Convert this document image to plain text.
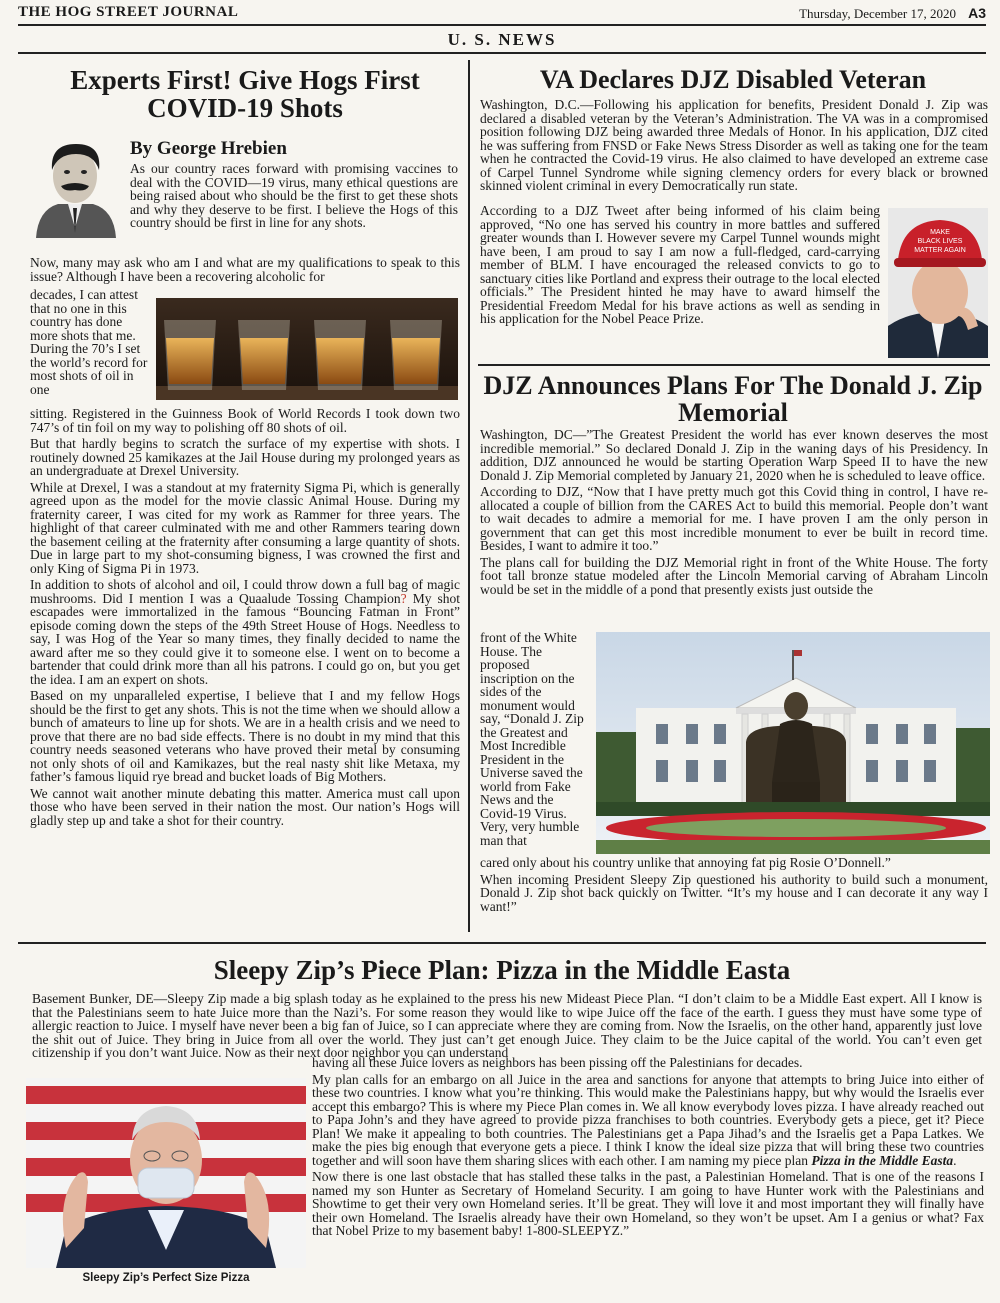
THE HOG STREET JOURNAL	Thursday, December 17, 2020 A3
U. S. NEWS
Experts First! Give Hogs First COVID-19 Shots
By George Hrebien

As our country races forward with promising vaccines to deal with the COVID—19 virus, many ethical questions are being raised about who should be the first to get these shots and why they deserve to be first. I believe the Hogs of this country should be first in line for any shots.

Now, many may ask who am I and what are my qualifications to speak to this issue? Although I have been a recovering alcoholic for

decades, I can attest that no one in this country has done more shots that me. During the 70’s I set the world’s record for most shots of oil in one

sitting. Registered in the Guinness Book of World Records I took down two 747’s of tin foil on my way to polishing off 80 shots of oil.

But that hardly begins to scratch the surface of my expertise with shots. I routinely downed 25 kamikazes at the Jail House during my prolonged years as an undergraduate at Drexel University.

While at Drexel, I was a standout at my fraternity Sigma Pi, which is generally agreed upon as the model for the movie classic Animal House. During my fraternity career, I was cited for my work as Rammer for three years. The highlight of that career culminated with me and other Rammers tearing down the basement ceiling at the fraternity after consuming a large quantity of shots. Due in large part to my shot-consuming bigness, I was crowned the first and only King of Sigma Pi in 1973.

In addition to shots of alcohol and oil, I could throw down a full bag of magic mushrooms. Did I mention I was a Quaalude Tossing Champion? My shot escapades were immortalized in the famous “Bouncing Fatman in Front” episode coming down the steps of the 49th Street House of Hogs. Needless to say, I was Hog of the Year so many times, they finally decided to name the award after me so they could give it to someone else. I went on to become a bartender that could drink more than all his patrons. I could go on, but you get the idea. I am an expert on shots.

Based on my unparalleled expertise, I believe that I and my fellow Hogs should be the first to get any shots. This is not the time when we should allow a bunch of amateurs to line up for shots. We are in a health crisis and we need to prove that there are no bad side effects. There is no doubt in my mind that this country needs seasoned veterans who have proved their metal by consuming not only shots of oil and Kamikazes, but the real nasty shit like Metaxa, my father’s famous liquid rye bread and bucket loads of Big Mothers.

We cannot wait another minute debating this matter. America must call upon those who have been served in their nation the most. Our nation’s Hogs will gladly step up and take a shot for their country.

VA Declares DJZ Disabled Veteran

Washington, D.C.—Following his application for benefits, President Donald J. Zip was declared a disabled veteran by the Veteran’s Administration. The VA was in a compromised position following DJZ being awarded three Medals of Honor. In his application, DJZ cited he was suffering from FNSD or Fake News Stress Disorder as well as taking one for the team when he contracted the Covid-19 virus. He also claimed to have developed an extreme case of Carpel Tunnel Syndrome while signing clemency orders for every black or browned skinned violent criminal in every Democratically run state.

According to a DJZ Tweet after being informed of his claim being approved, “No one has served his country in more battles and suffered greater wounds than I. However severe my Carpel Tunnel wounds might have been, I am proud to say I am now a full-fledged, card-carrying member of BLM. I have encouraged the released convicts to go to sanctuary cities like Portland and express their outrage to the local elected officials.” The President hinted he may have to award himself the Presidential Freedom Medal for his brave actions as well as sending in his application for the Nobel Peace Prize.

MAKE
BLACK LIVES
MATTER AGAIN
DJZ Announces Plans For The Donald J. Zip Memorial

Washington, DC—”The Greatest President the world has ever known deserves the most incredible memorial.” So declared Donald J. Zip in the waning days of his Presidency. In addition, DJZ announced he would be starting Operation Warp Speed II to have the new Donald J. Zip Memorial completed by January 21, 2020 when he is scheduled to leave office.

According to DJZ, “Now that I have pretty much got this Covid thing in control, I have re-allocated a couple of billion from the CARES Act to build this memorial. People don’t want to wait decades to admire a memorial for me. I have proven I am the only person in government that can get this most incredible monument to ever be built in record time. Besides, I want to admire it too.”

The plans call for building the DJZ Memorial right in front of the White House. The forty foot tall bronze statue modeled after the Lincoln Memorial carving of Abraham Lincoln would be set in the middle of a pond that presently exists just outside the

front of the White House. The proposed inscription on the sides of the monument would say, “Donald J. Zip the Greatest and Most Incredible President in the Universe saved the world from Fake News and the Covid-19 Virus. Very, very humble man that

cared only about his country unlike that annoying fat pig Rosie O’Donnell.”

When incoming President Sleepy Zip questioned his authority to build such a monument, Donald J. Zip shot back quickly on Twitter. “It’s my house and I can decorate it any way I want!”

Sleepy Zip’s Piece Plan: Pizza in the Middle Easta

Basement Bunker, DE—Sleepy Zip made a big splash today as he explained to the press his new Mideast Piece Plan. “I don’t claim to be a Middle East expert. All I know is that the Palestinians seem to hate Juice more than the Nazi’s. For some reason they would like to wipe Juice off the face of the earth. I guess they must have some type of allergic reaction to Juice. I myself have never been a big fan of Juice, so I can appreciate where they are coming from. Now the Israelis, on the other hand, apparently just love the shit out of Juice. They bring in Juice from all over the world. They just can’t get enough Juice. They claim to be the Juice capital of the world. You can’t even get citizenship if you don’t want Juice. Now as their next door neighbor you can understand

having all these Juice lovers as neighbors has been pissing off the Palestinians for decades.

My plan calls for an embargo on all Juice in the area and sanctions for anyone that attempts to bring Juice into either of these two countries. I know what you’re thinking. This would make the Palestinians happy, but why would the Israelis ever accept this embargo? This is where my Piece Plan comes in. We all know everybody loves pizza. I have already reached out to Papa John’s and they have agreed to provide pizza franchises to both countries. Everybody gets a piece, get it? Piece Plan! We make it appealing to both countries. The Palestinians get a Papa Jihad’s and the Israelis get a Papa Latkes. We make the pies big enough that everyone gets a piece. I think I know the ideal size pizza that will bring these two countries together and will soon have them sharing slices with each other. I am naming my piece plan Pizza in the Middle Easta.

Now there is one last obstacle that has stalled these talks in the past, a Palestinian Homeland. That is one of the reasons I named my son Hunter as Secretary of Homeland Security. I am going to have Hunter work with the Palestinians and Showtime to get their very own Homeland series. It’ll be great. They will love it and most important they will finally have their own Homeland. The Israelis already have their own Homeland, so they won’t be upset. Am I a genius or what? Fax that Nobel Prize to my basement baby! 1-800-SLEEPYZ.”

Sleepy Zip’s Perfect Size Pizza
